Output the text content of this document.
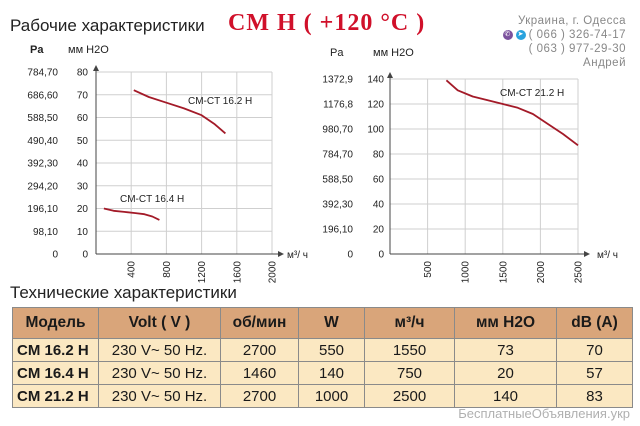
Рабочие характеристики CM H ( +120 °C )	Украина, г. Одесса
✆ ➤ ( 066 ) 326-74-17
( 063 ) 977-29-30
Андрей
Pa мм H2O
CM-CT 16.2 H
CM-CT 16.4 H
0
0
10
98,10
20
196,10
30
294,20
40
392,30
50
490,40
60
588,50
70
686,60
80
784,70
400 800 1200 1600 2000
м³/ ч
Pa	мм H2O
CM-CT 21.2 H
0
0
20
196,10
40
392,30
60
588,50
80
784,70
100
980,70
120
1176,8
140
1372,9
500	1000	1500	2000	2500
м³/ ч
Технические характеристики
Модель	Volt ( V )	об/мин	W	м³/ч	мм H2O	dB (A)
CM 16.2 H	230 V~ 50 Hz.	2700	550	1550	73	70
CM 16.4 H	230 V~ 50 Hz.	1460	140	750	20	57
CM 21.2 H	230 V~ 50 Hz.	2700	1000	2500	140	83
БесплатныеОбъявления.укр
